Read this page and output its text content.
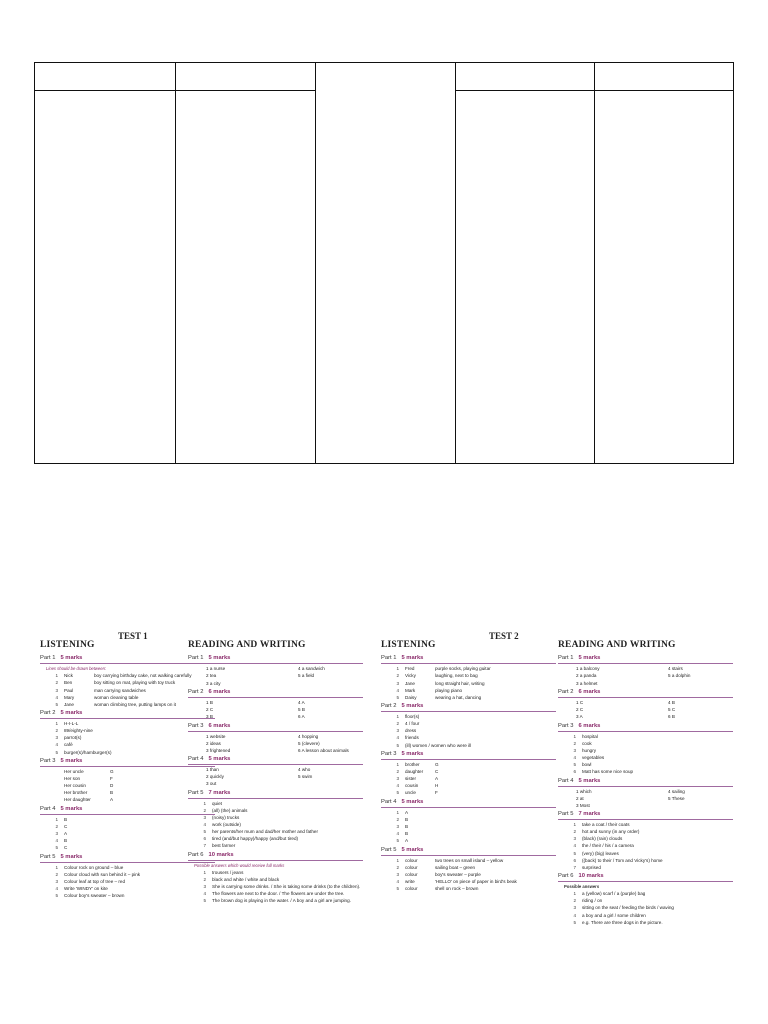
TEST 1	TEST 2
LISTENING
Part 1 5 marks
Lines should be drawn between:
1	Nick	boy carrying birthday cake, not walking carefully
2	Ben	boy sitting on mat, playing with toy truck
3	Paul	man carrying sandwiches
4	Mary	woman cleaning table
5	Jane	woman climbing tree, putting lamps on it
Part 2 5 marks
1	H-I-L-L
2	89/eighty-nine
3	parrot(s)
4	café
5	burger(s)/hamburger(s)
Part 3 5 marks
Her uncle	G
Her son	F
Her cousin	D
Her brother	B
Her daughter	A
Part 4 5 marks
1	B
2	C
3	A
4	B
5	C
Part 5 5 marks
1	Colour rock on ground – blue
2	Colour cloud with sun behind it – pink
3	Colour leaf at top of tree – red
4	Write 'WINDY' on kite
5	Colour boy's sweater – brown
READING AND WRITING
Part 1 5 marks
1 a nurse	4 a sandwich
2 tea	5 a field
3 a city
Part 2 6 marks
1 B	4 A
2 C	5 B
3 B	6 A
Part 3 6 marks
1 website	4 hopping
2 ideas	5 (clevere)
3 frightened	6 A lesson about animals
Part 4 5 marks
1 than	4 who
2 quickly	5 swim
3 out
Part 5 7 marks
1	quiet
2	(all) (the) animals
3	(noisy) trucks
4	work (outside)
5	her parents/her mum and dad/her mother and father
6	tired (and/but happy)/happy (and/but tired)
7	best farmer
Part 6 10 marks
Possible answers which would receive full marks
1	trousers / jeans
2	black and white / white and black
3	She is carrying some drinks. / She is taking some drinks (to the children).
4	The flowers are next to the door. / The flowers are under the tree.
5	The brown dog is playing in the water. / A boy and a girl are jumping.
LISTENING
Part 1 5 marks
1	Fred	purple socks, playing guitar
2	Vicky	laughing, next to bag
3	Jane	long straight hair, writing
4	Mark	playing piano
5	Daisy	wearing a hat, dancing
Part 2 5 marks
1	floor(s)
2	4 / four
3	dress
4	friends
5	(ill) women / women who were ill
Part 3 5 marks
1	brother	G
2	daughter	C
3	sister	A
4	cousin	H
5	uncle	F
Part 4 5 marks
1	A
2	B
3	B
4	B
5	A
Part 5 5 marks
1	colour	two trees on small island – yellow
2	colour	sailing boat – green
3	colour	boy's sweater – purple
4	write	'HELLO' on piece of paper in bird's beak
5	colour	shell on rock – brown
READING AND WRITING
Part 1 5 marks
1 a balcony	4 stairs
2 a panda	5 a dolphin
3 a helmet
Part 2 6 marks
1 C	4 B
2 C	5 C
3 A	6 B
Part 3 6 marks
1	hospital
2	cook
3	hungry
4	vegetables
5	bowl
6	Matt has some nice soup
Part 4 5 marks
1 which	4 sailing
2 at	5 These
3 Most
Part 5 7 marks
1	take a coat / their coats
2	hot and sunny (in any order)
3	(black) (rain) clouds
4	the / their / his / a camera
5	(very) (big) leaves
6	((back) to their / Tom and Vicky's) home
7	surprised
Part 6 10 marks
Possible answers
1	a (yellow) scarf / a (purple) bag
2	riding / on
3	sitting on the seat / feeding the birds / waving
4	a boy and a girl / some children
5	e.g. There are three dogs in the picture.
